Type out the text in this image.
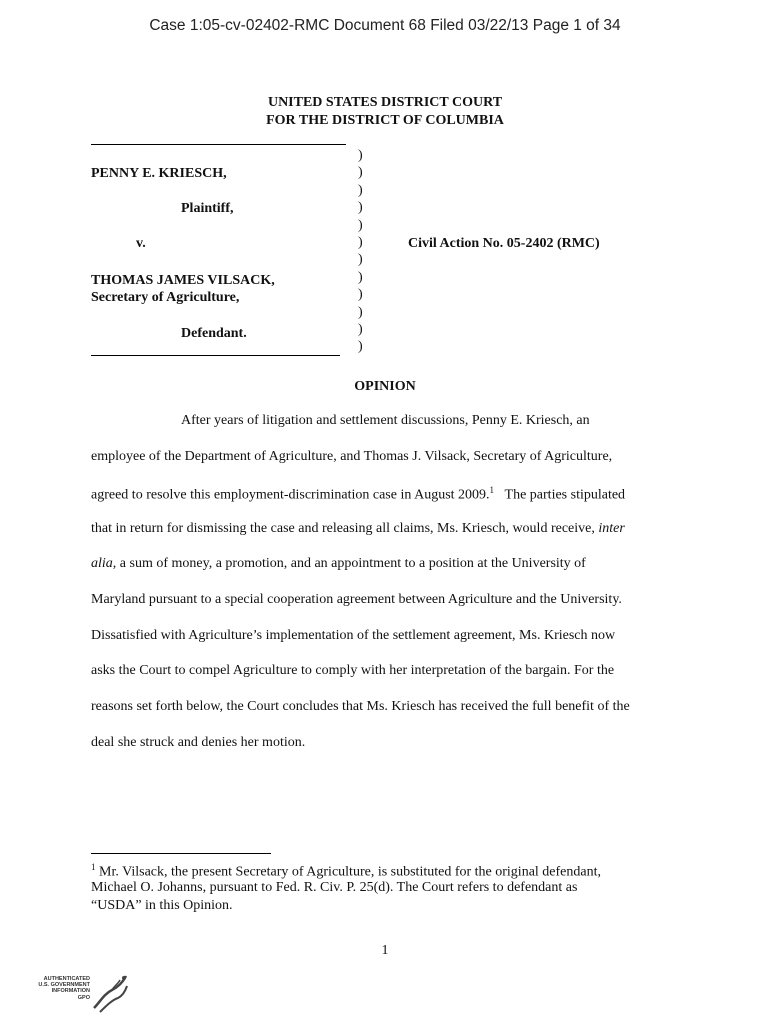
Case 1:05-cv-02402-RMC Document 68 Filed 03/22/13 Page 1 of 34
UNITED STATES DISTRICT COURT
FOR THE DISTRICT OF COLUMBIA
PENNY E. KRIESCH,
Plaintiff,
v.
THOMAS JAMES VILSACK,
Secretary of Agriculture,
Defendant.
)
)
)
)
)
)
)
)
)
)
)
)
Civil Action No. 05-2402 (RMC)
OPINION
After years of litigation and settlement discussions, Penny E. Kriesch, an
employee of the Department of Agriculture, and Thomas J. Vilsack, Secretary of Agriculture,
agreed to resolve this employment-discrimination case in August 2009.$^1$ The parties stipulated
that in return for dismissing the case and releasing all claims, Ms. Kriesch, would receive, inter
alia, a sum of money, a promotion, and an appointment to a position at the University of
Maryland pursuant to a special cooperation agreement between Agriculture and the University.
Dissatisfied with Agriculture’s implementation of the settlement agreement, Ms. Kriesch now
asks the Court to compel Agriculture to comply with her interpretation of the bargain. For the
reasons set forth below, the Court concludes that Ms. Kriesch has received the full benefit of the
deal she struck and denies her motion.
$^1$ Mr. Vilsack, the present Secretary of Agriculture, is substituted for the original defendant,
Michael O. Johanns, pursuant to Fed. R. Civ. P. 25(d). The Court refers to defendant as
“USDA” in this Opinion.
1
AUTHENTICATED
U.S. GOVERNMENT
INFORMATION
GPO
